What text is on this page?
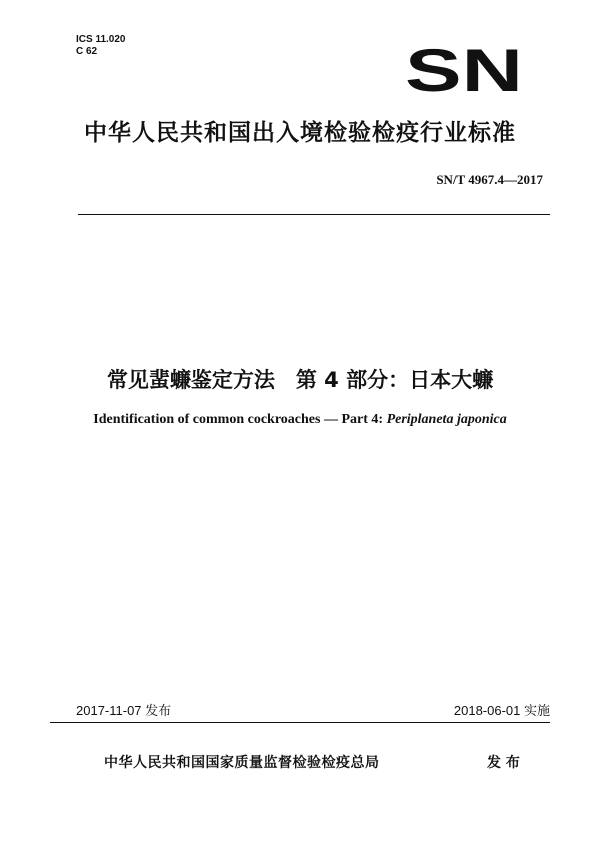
ICS 11.020
C 62	SN
中华人民共和国出入境检验检疫行业标准
SN/T 4967.4—2017
常见蜚蠊鉴定方法　第 4 部分：日本大蠊
Identification of common cockroaches — Part 4: Periplaneta japonica
2017-11-07 发布	2018-06-01 实施
中华人民共和国国家质量监督检验检疫总局	发 布
